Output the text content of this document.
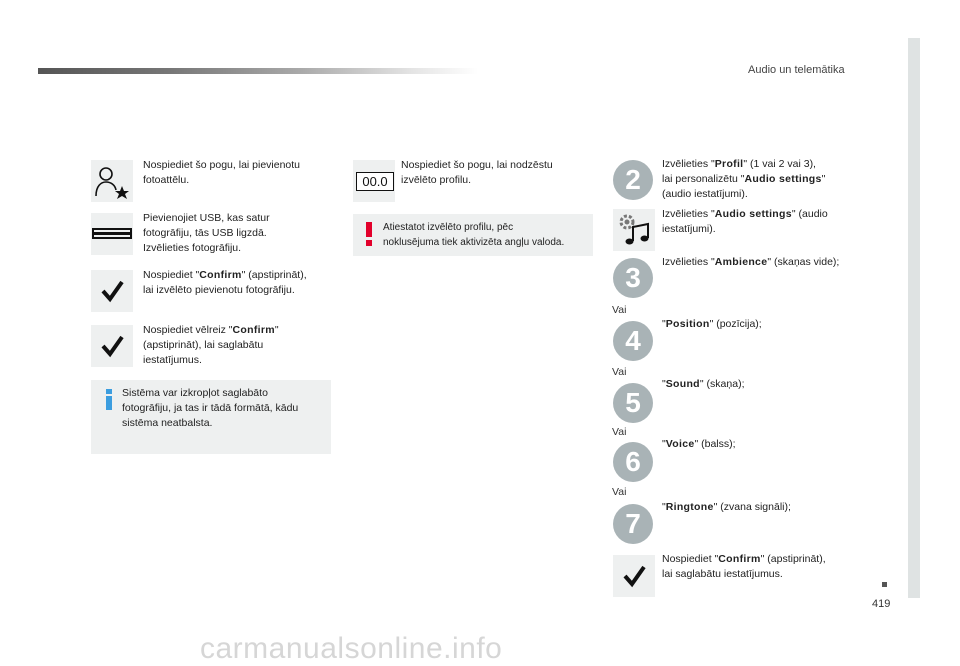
Audio un telemātika
419
Nospiediet šo pogu, lai pievienotu
fotoattēlu.
Pievienojiet USB, kas satur
fotogrāfiju, tās USB ligzdā.
Izvēlieties fotogrāfiju.
Nospiediet "Confirm" (apstiprināt),
lai izvēlēto pievienotu fotogrāfiju.
Nospiediet vēlreiz "Confirm"
(apstiprināt), lai saglabātu
iestatījumus.
Sistēma var izkropļot saglabāto
fotogrāfiju, ja tas ir tādā formātā, kādu
sistēma neatbalsta.
00.0
Nospiediet šo pogu, lai nodzēstu
izvēlēto profilu.
Atiestatot izvēlēto profilu, pēc
noklusējuma tiek aktivizēta angļu valoda.
2	Izvēlieties "Profil" (1 vai 2 vai 3),
lai personalizētu "Audio settings"
(audio iestatījumi).
Izvēlieties "Audio settings" (audio
iestatījumi).
3	Izvēlieties "Ambience" (skaņas vide);
Vai
4
"Position" (pozīcija);
Vai
5
"Sound" (skaņa);
Vai
6
"Voice" (balss);
Vai
7
"Ringtone" (zvana signāli);
Nospiediet "Confirm" (apstiprināt),
lai saglabātu iestatījumus.
carmanualsonline.info
